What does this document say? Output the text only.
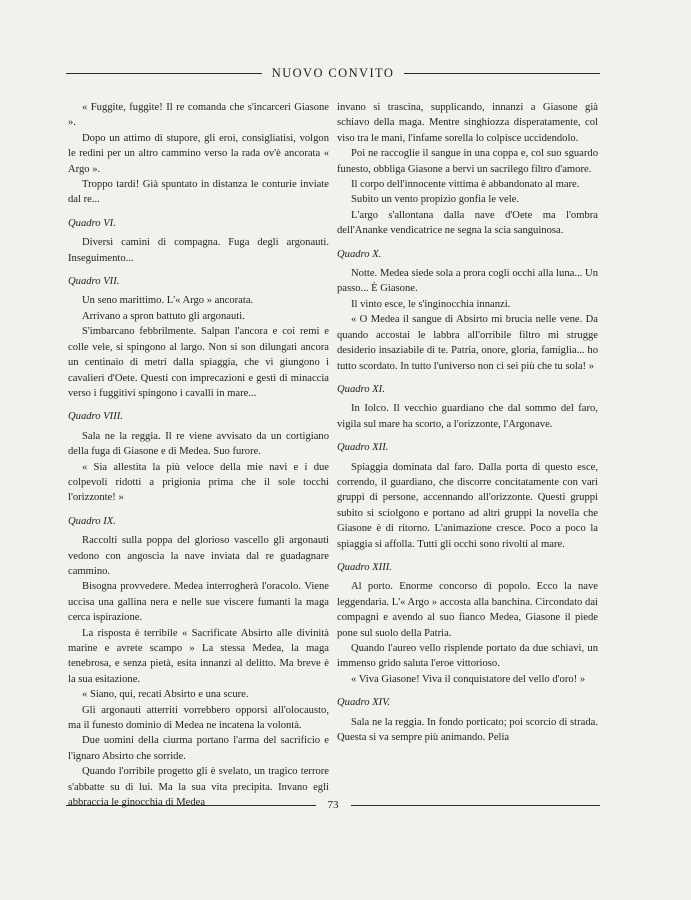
NUOVO CONVITO

« Fuggite, fuggite! Il re comanda che s'incarceri Giasone ».

Dopo un attimo di stupore, gli eroi, consigliatisi, volgon le redini per un altro cammino verso la rada ov'è ancorata « Argo ».

Troppo tardi! Già spuntato in distanza le conturie inviate dal re...

Quadro VI.

Diversi camini di compagna. Fuga degli argonauti. Inseguimento...

Quadro VII.

Un seno marittimo. L'« Argo » ancorata.

Arrivano a spron battuto gli argonauti.

S'imbarcano febbrilmente. Salpan l'ancora e coi remi e colle vele, si spingono al largo. Non si son dilungati ancora un centinaio di metri dalla spiaggia, che vi giungono i cavalieri d'Oete. Questi con imprecazioni e gesti di minaccia verso i fuggitivi spingono i cavalli in mare...

Quadro VIII.

Sala ne la reggia. Il re viene avvisato da un cortigiano della fuga di Giasone e di Medea. Suo furore.

« Sia allestita la più veloce della mie navi e i due colpevoli ridotti a prigionia prima che il sole tocchi l'orizzonte! »

Quadro IX.

Raccolti sulla poppa del glorioso vascello gli argonauti vedono con angoscia la nave inviata dal re guadagnare cammino.

Bisogna provvedere. Medea interrogherà l'oracolo. Viene uccisa una gallina nera e nelle sue viscere fumanti la maga cerca ispirazione.

La risposta è terribile « Sacrificate Absirto alle divinità marine e avrete scampo » La stessa Medea, la maga tenebrosa, e senza pietà, esita innanzi al delitto. Ma breve è la sua esitazione.

« Siano, qui, recati Absirto e una scure.

Gli argonauti atterriti vorrebbero opporsi all'olocausto, ma il funesto dominio di Medea ne incatena la volontà.

Due uomini della ciurma portano l'arma del sacrificio e l'ignaro Absirto che sorride.

Quando l'orribile progetto gli è svelato, un tragico terrore s'abbatte su di lui. Ma la sua vita precipita. Invano egli abbraccia le ginocchia di Medea

invano si trascina, supplicando, innanzi a Giasone già schiavo della maga. Mentre singhiozza disperatamente, col viso tra le mani, l'infame sorella lo colpisce uccidendolo.

Poi ne raccoglie il sangue in una coppa e, col suo sguardo funesto, obbliga Giasone a bervi un sacrilego filtro d'amore.

Il corpo dell'innocente vittima è abbandonato al mare.

Subito un vento propizio gonfia le vele.

L'argo s'allontana dalla nave d'Oete ma l'ombra dell'Ananke vendicatrice ne segna la scia sanguinosa.

Quadro X.

Notte. Medea siede sola a prora cogli occhi alla luna... Un passo... È Giasone.

Il vinto esce, le s'inginocchia innanzi.

« O Medea il sangue di Absirto mi brucia nelle vene. Da quando accostai le labbra all'orribile filtro mi strugge desiderio insaziabile di te. Patria, onore, gloria, famiglia... ho tutto scordato. In tutto l'universo non ci sei più che tu sola! »

Quadro XI.

In Iolco. Il vecchio guardiano che dal sommo del faro, vigila sul mare ha scorto, a l'orizzonte, l'Argonave.

Quadro XII.

Spiaggia dominata dal faro. Dalla porta di questo esce, correndo, il guardiano, che discorre concitatamente con vari gruppi di persone, accennando all'orizzonte. Questi gruppi subito si sciolgono e portano ad altri gruppi la novella che Giasone è di ritorno. L'animazione cresce. Poco a poco la spiaggia si affolla. Tutti gli occhi sono rivolti al mare.

Quadro XIII.

Al porto. Enorme concorso di popolo. Ecco la nave leggendaria. L'« Argo » accosta alla banchina. Circondato dai compagni e avendo al suo fianco Medea, Giasone il piede pone sul suolo della Patria.

Quando l'aureo vello risplende portato da due schiavi, un immenso grido saluta l'eroe vittorioso.

« Viva Giasone! Viva il conquistatore del vello d'oro! »

Quadro XIV.

Sala ne la reggia. In fondo porticato; poi scorcio di strada. Questa si va sempre più animando. Pelia

73
